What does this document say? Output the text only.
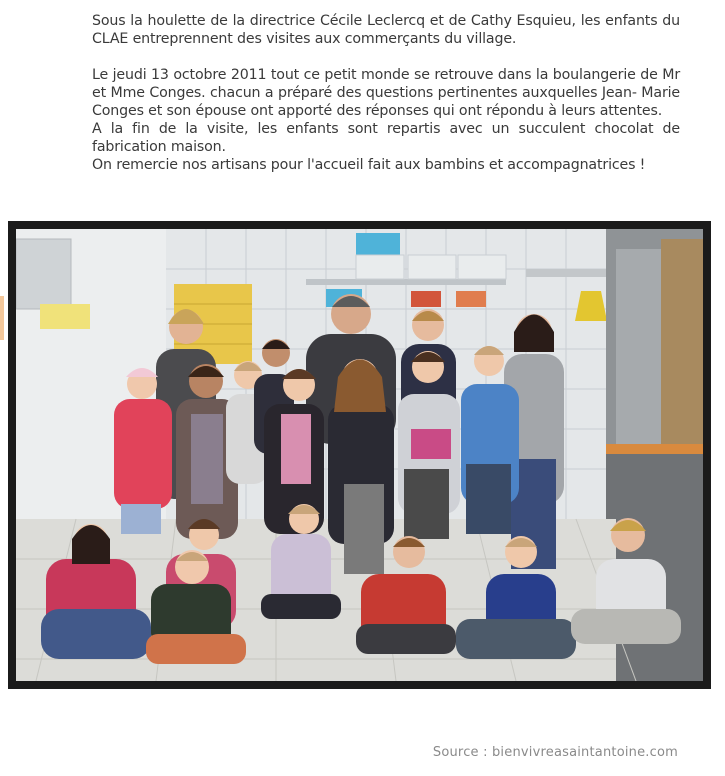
Sous la houlette de la directrice Cécile Leclercq et de Cathy Esquieu, les enfants du CLAE entreprennent des visites aux commerçants du village.

Le jeudi 13 octobre 2011 tout ce petit monde se retrouve dans la boulangerie de Mr et Mme Conges. chacun a préparé des questions pertinentes auxquelles Jean- Marie Conges et son épouse ont apporté des réponses qui ont répondu à leurs attentes.

A la fin de la visite, les enfants sont repartis avec un succulent chocolat de fabrication maison.

On remercie nos artisans pour l'accueil fait aux bambins et accompagnatrices !

Source : bienvivreasaintantoine.com
